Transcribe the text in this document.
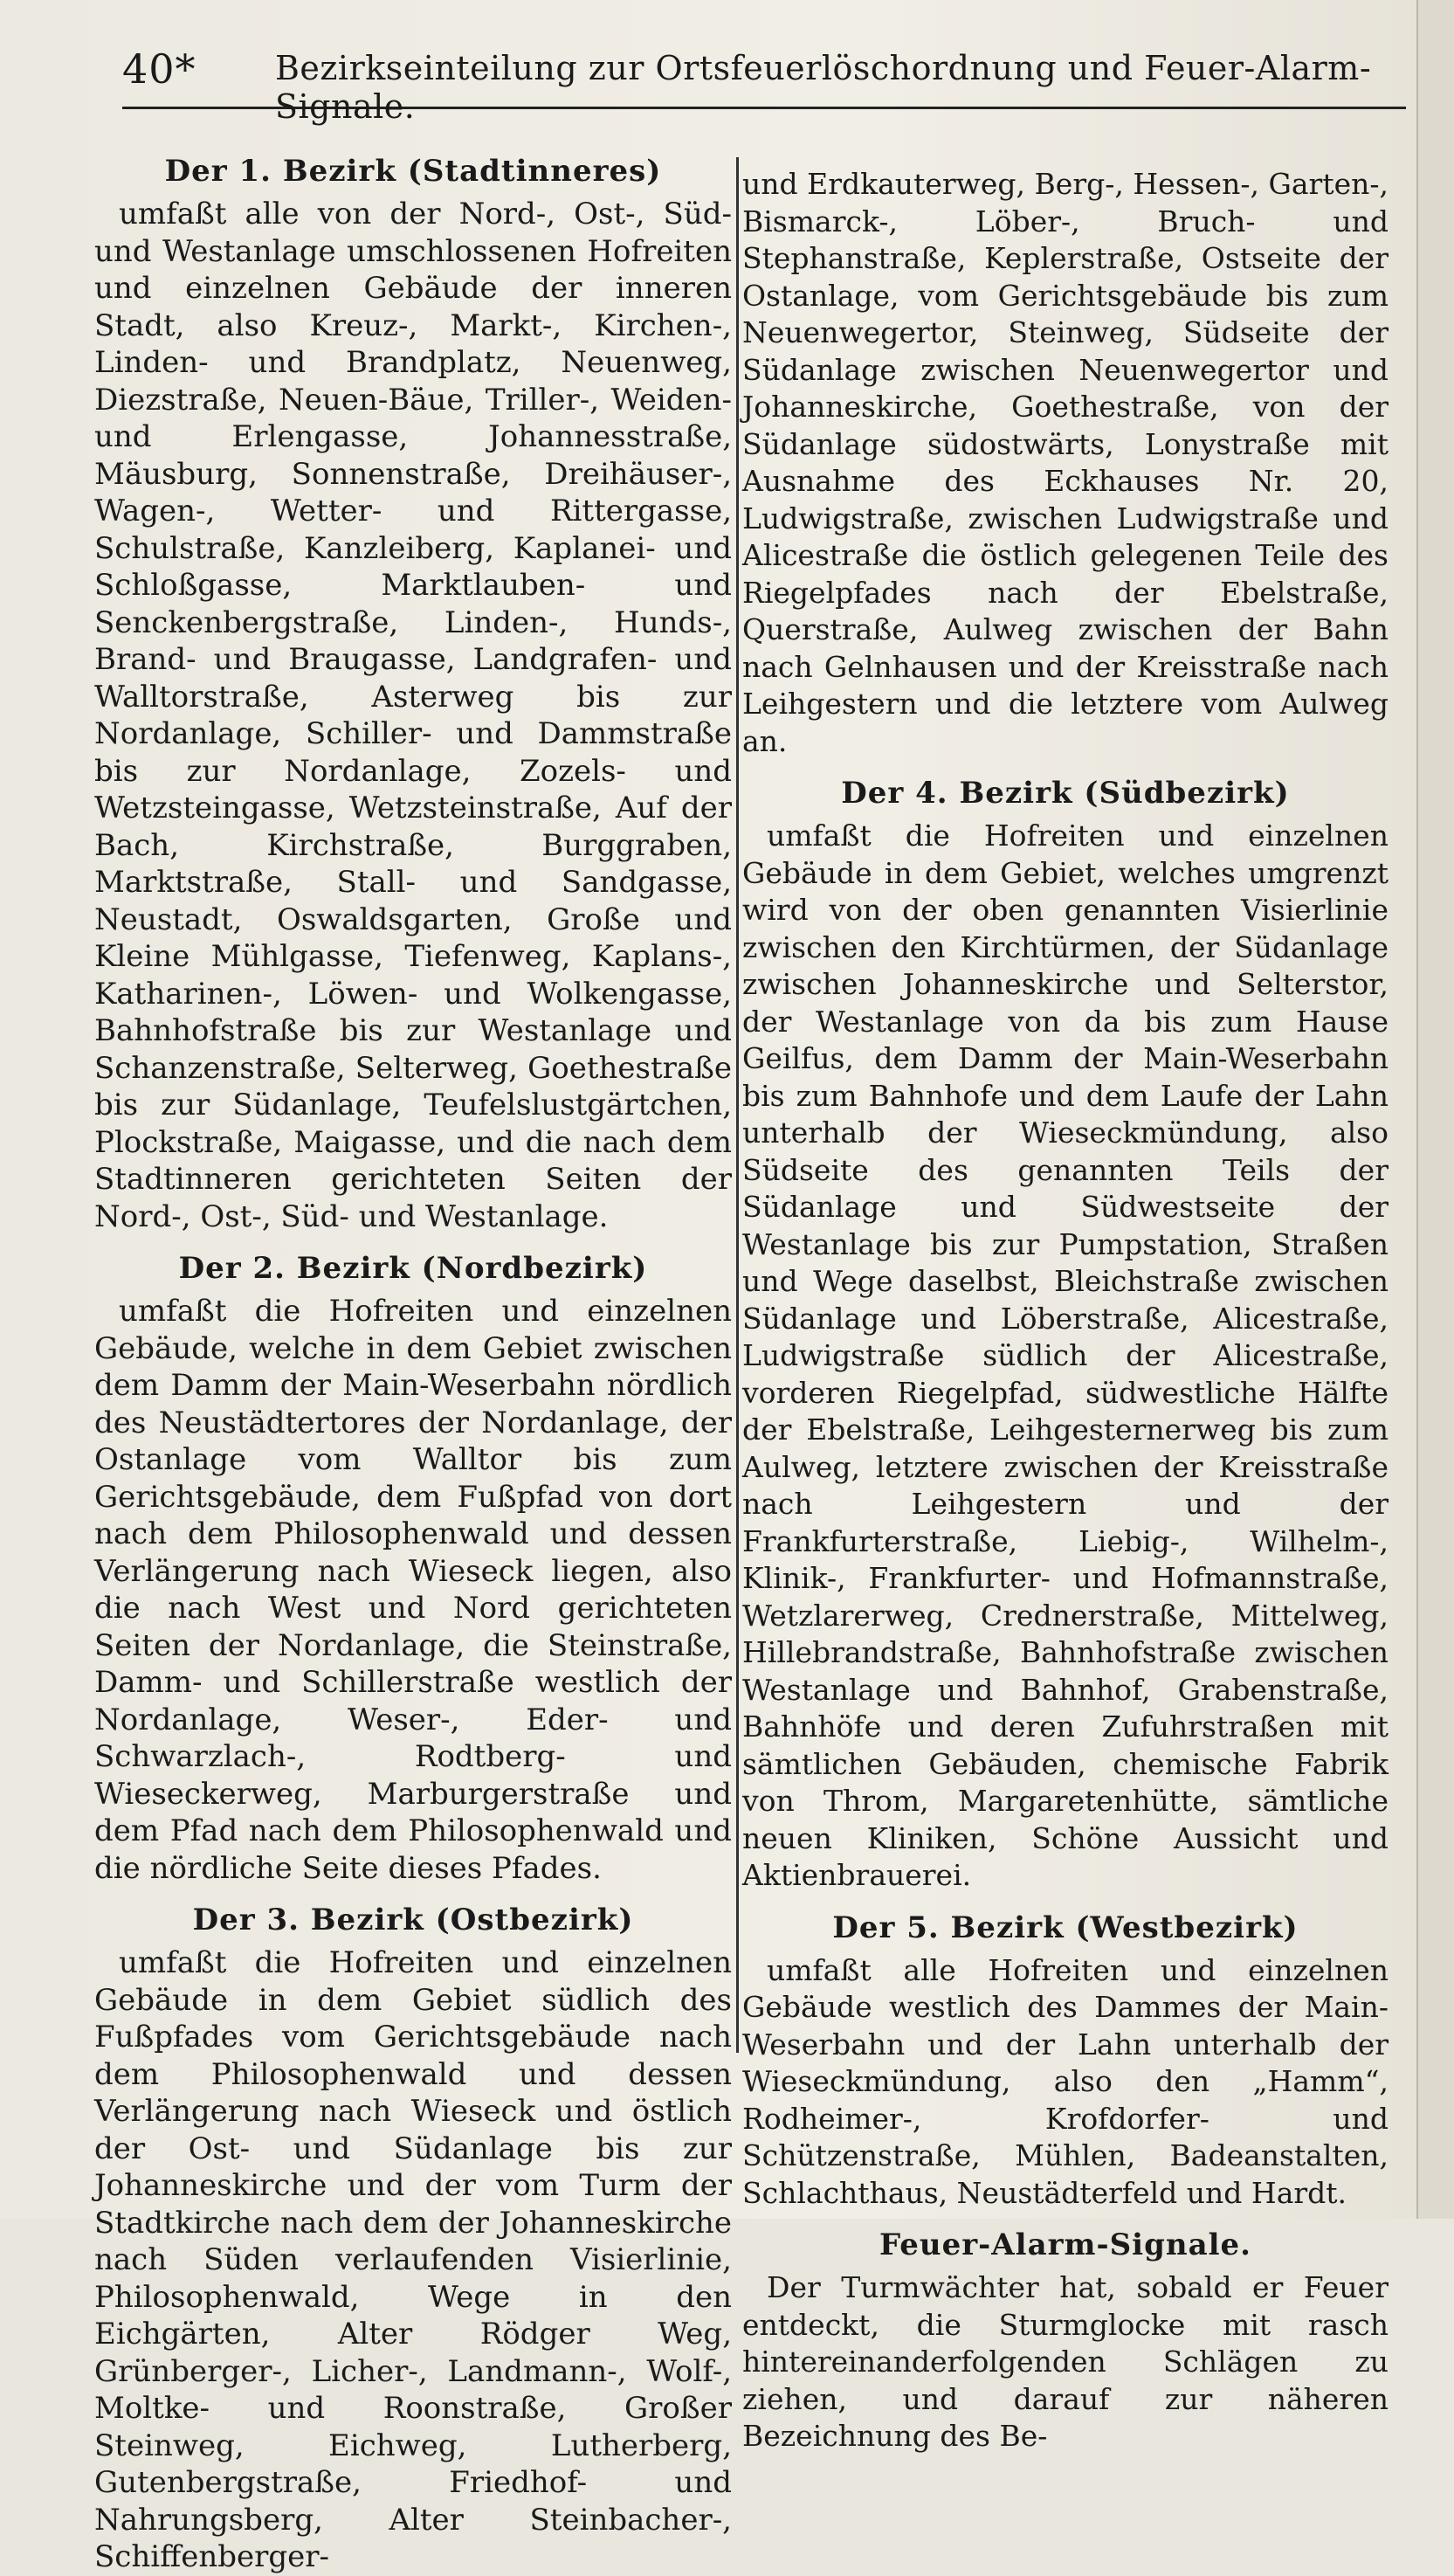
40* Bezirkseinteilung zur Ortsfeuerlöschordnung und Feuer-Alarm-Signale.
Der 1. Bezirk (Stadtinneres)

umfaßt alle von der Nord-, Ost-, Süd- und Westanlage umschlossenen Hofreiten und einzelnen Gebäude der inneren Stadt, also Kreuz-, Markt-, Kirchen-, Linden- und Brandplatz, Neuenweg, Diezstraße, Neuen-Bäue, Triller-, Weiden- und Erlengasse, Johannesstraße, Mäusburg, Sonnenstraße, Dreihäuser-, Wagen-, Wetter- und Rittergasse, Schulstraße, Kanzleiberg, Kaplanei- und Schloßgasse, Marktlauben- und Senckenbergstraße, Linden-, Hunds-, Brand- und Braugasse, Landgrafen- und Walltorstraße, Asterweg bis zur Nordanlage, Schiller- und Dammstraße bis zur Nordanlage, Zozels- und Wetzsteingasse, Wetzsteinstraße, Auf der Bach, Kirchstraße, Burggraben, Marktstraße, Stall- und Sandgasse, Neustadt, Oswaldsgarten, Große und Kleine Mühlgasse, Tiefenweg, Kaplans-, Katharinen-, Löwen- und Wolkengasse, Bahnhofstraße bis zur Westanlage und Schanzenstraße, Selterweg, Goethestraße bis zur Südanlage, Teufelslustgärtchen, Plockstraße, Maigasse, und die nach dem Stadtinneren gerichteten Seiten der Nord-, Ost-, Süd- und Westanlage.

Der 2. Bezirk (Nordbezirk)

umfaßt die Hofreiten und einzelnen Gebäude, welche in dem Gebiet zwischen dem Damm der Main-Weserbahn nördlich des Neustädtertores der Nordanlage, der Ostanlage vom Walltor bis zum Gerichtsgebäude, dem Fußpfad von dort nach dem Philosophenwald und dessen Verlängerung nach Wieseck liegen, also die nach West und Nord gerichteten Seiten der Nordanlage, die Steinstraße, Damm- und Schillerstraße westlich der Nordanlage, Weser-, Eder- und Schwarzlach-, Rodtberg- und Wieseckerweg, Marburgerstraße und dem Pfad nach dem Philosophenwald und die nördliche Seite dieses Pfades.

Der 3. Bezirk (Ostbezirk)

umfaßt die Hofreiten und einzelnen Gebäude in dem Gebiet südlich des Fußpfades vom Gerichtsgebäude nach dem Philosophenwald und dessen Verlängerung nach Wieseck und östlich der Ost- und Südanlage bis zur Johanneskirche und der vom Turm der Stadtkirche nach dem der Johanneskirche nach Süden verlaufenden Visierlinie, Philosophenwald, Wege in den Eichgärten, Alter Rödger Weg, Grünberger-, Licher-, Landmann-, Wolf-, Moltke- und Roonstraße, Großer Steinweg, Eichweg, Lutherberg, Gutenbergstraße, Friedhof- und Nahrungsberg, Alter Steinbacher-, Schiffenberger-

und Erdkauterweg, Berg-, Hessen-, Garten-, Bismarck-, Löber-, Bruch- und Stephanstraße, Keplerstraße, Ostseite der Ostanlage, vom Gerichtsgebäude bis zum Neuenwegertor, Steinweg, Südseite der Südanlage zwischen Neuenwegertor und Johanneskirche, Goethestraße, von der Südanlage südostwärts, Lonystraße mit Ausnahme des Eckhauses Nr. 20, Ludwigstraße, zwischen Ludwigstraße und Alicestraße die östlich gelegenen Teile des Riegelpfades nach der Ebelstraße, Querstraße, Aulweg zwischen der Bahn nach Gelnhausen und der Kreisstraße nach Leihgestern und die letztere vom Aulweg an.

Der 4. Bezirk (Südbezirk)

umfaßt die Hofreiten und einzelnen Gebäude in dem Gebiet, welches umgrenzt wird von der oben genannten Visierlinie zwischen den Kirchtürmen, der Südanlage zwischen Johanneskirche und Selterstor, der Westanlage von da bis zum Hause Geilfus, dem Damm der Main-Weserbahn bis zum Bahnhofe und dem Laufe der Lahn unterhalb der Wieseckmündung, also Südseite des genannten Teils der Südanlage und Südwestseite der Westanlage bis zur Pumpstation, Straßen und Wege daselbst, Bleichstraße zwischen Südanlage und Löberstraße, Alicestraße, Ludwigstraße südlich der Alicestraße, vorderen Riegelpfad, südwestliche Hälfte der Ebelstraße, Leihgesternerweg bis zum Aulweg, letztere zwischen der Kreisstraße nach Leihgestern und der Frankfurterstraße, Liebig-, Wilhelm-, Klinik-, Frankfurter- und Hofmannstraße, Wetzlarerweg, Crednerstraße, Mittelweg, Hillebrandstraße, Bahnhofstraße zwischen Westanlage und Bahnhof, Grabenstraße, Bahnhöfe und deren Zufuhrstraßen mit sämtlichen Gebäuden, chemische Fabrik von Throm, Margaretenhütte, sämtliche neuen Kliniken, Schöne Aussicht und Aktienbrauerei.

Der 5. Bezirk (Westbezirk)

umfaßt alle Hofreiten und einzelnen Gebäude westlich des Dammes der Main-Weserbahn und der Lahn unterhalb der Wieseckmündung, also den „Hamm“, Rodheimer-, Krofdorfer- und Schützenstraße, Mühlen, Badeanstalten, Schlachthaus, Neustädterfeld und Hardt.

Feuer-Alarm-Signale.

Der Turmwächter hat, sobald er Feuer entdeckt, die Sturmglocke mit rasch hintereinanderfolgenden Schlägen zu ziehen, und darauf zur näheren Bezeichnung des Be-
